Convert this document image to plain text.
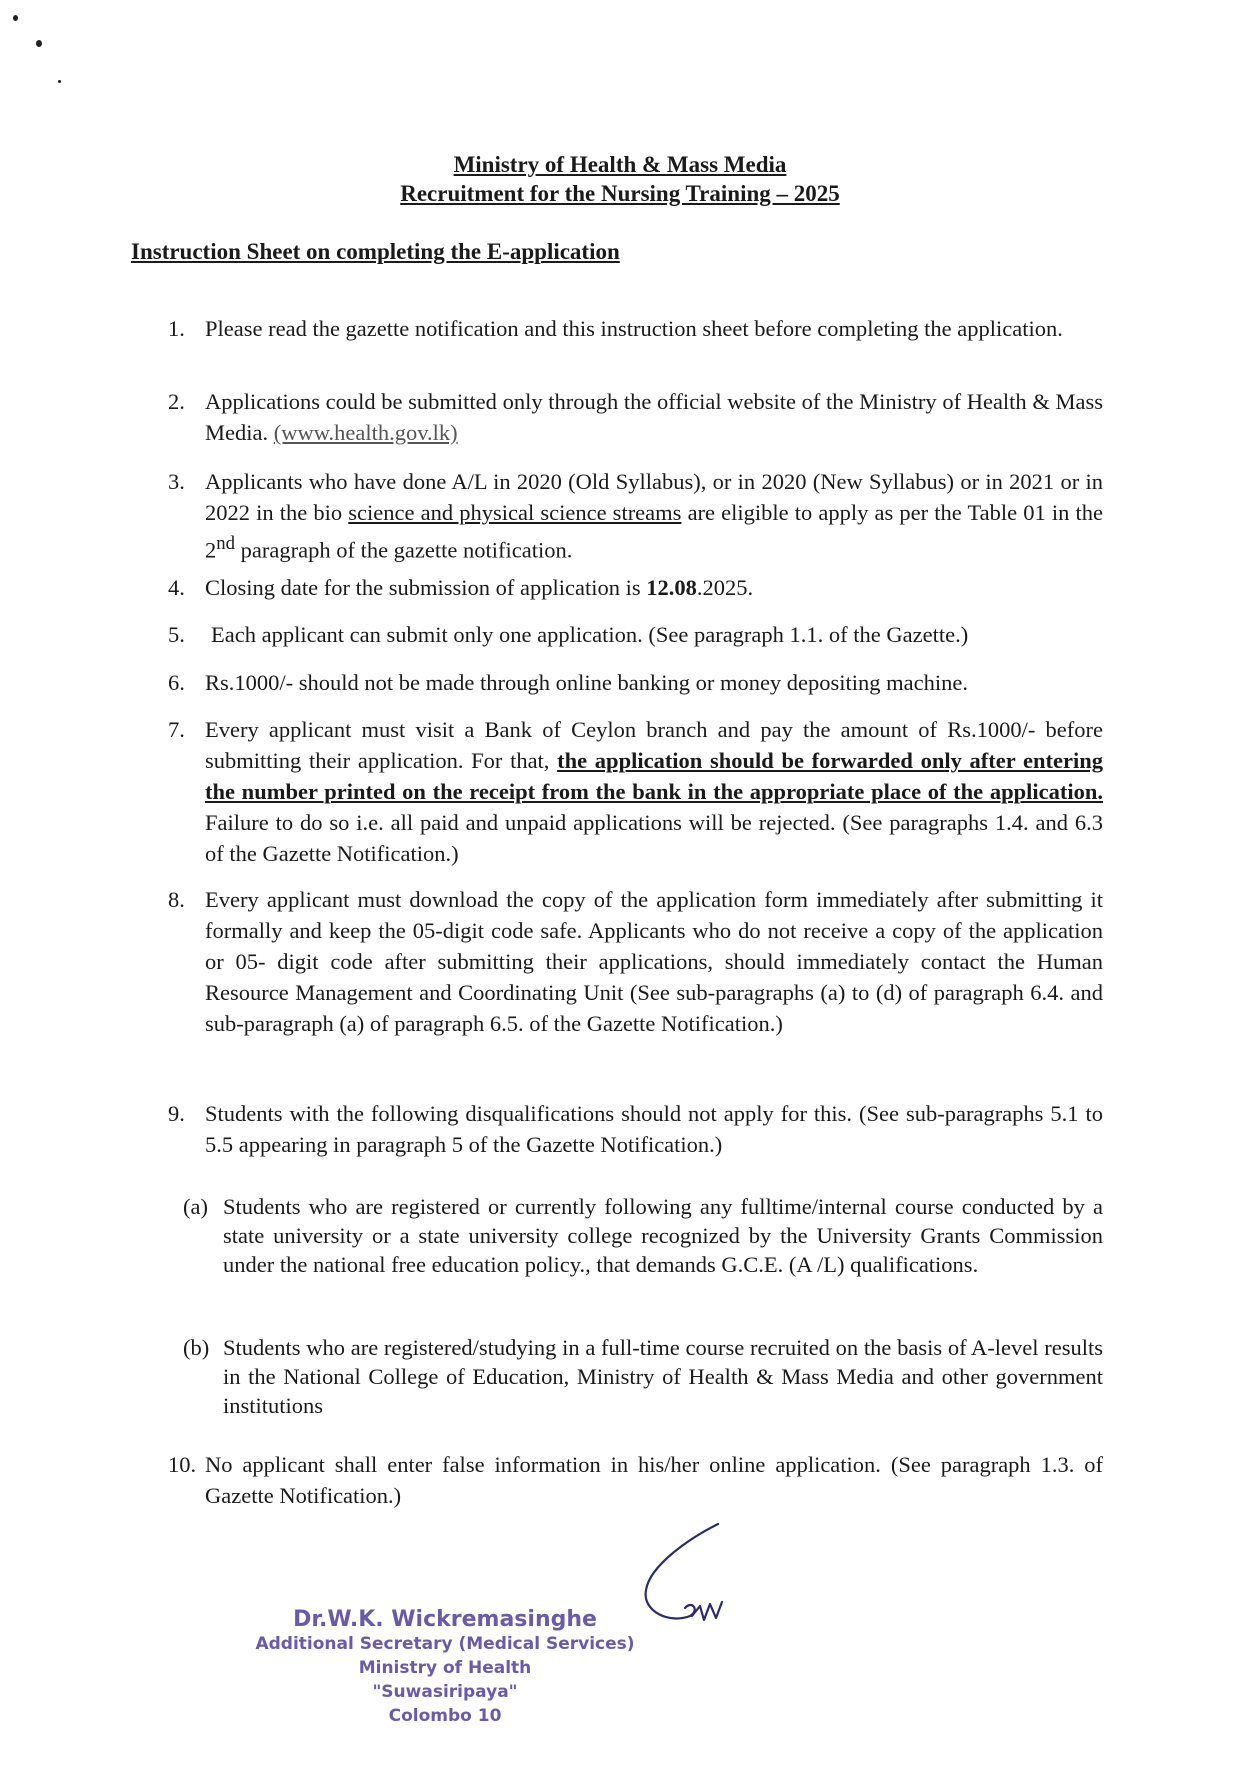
Ministry of Health & Mass Media
Recruitment for the Nursing Training – 2025
Instruction Sheet on completing the E-application
1. Please read the gazette notification and this instruction sheet before completing the application.
2. Applications could be submitted only through the official website of the Ministry of Health & Mass Media. (www.health.gov.lk)
3. Applicants who have done A/L in 2020 (Old Syllabus), or in 2020 (New Syllabus) or in 2021 or in 2022 in the bio science and physical science streams are eligible to apply as per the Table 01 in the 2nd paragraph of the gazette notification.
4. Closing date for the submission of application is 12.08.2025.
5.	Each applicant can submit only one application. (See paragraph 1.1. of the Gazette.)
6. Rs.1000/- should not be made through online banking or money depositing machine.
7. Every applicant must visit a Bank of Ceylon branch and pay the amount of Rs.1000/- before submitting their application. For that, the application should be forwarded only after entering the number printed on the receipt from the bank in the appropriate place of the application. Failure to do so i.e. all paid and unpaid applications will be rejected. (See paragraphs 1.4. and 6.3 of the Gazette Notification.)
8. Every applicant must download the copy of the application form immediately after submitting it formally and keep the 05-digit code safe. Applicants who do not receive a copy of the application or 05- digit code after submitting their applications, should immediately contact the Human Resource Management and Coordinating Unit (See sub-paragraphs (a) to (d) of paragraph 6.4. and sub-paragraph (a) of paragraph 6.5. of the Gazette Notification.)
9. Students with the following disqualifications should not apply for this. (See sub-paragraphs 5.1 to 5.5 appearing in paragraph 5 of the Gazette Notification.)
(a) Students who are registered or currently following any fulltime/internal course conducted by a state university or a state university college recognized by the University Grants Commission under the national free education policy., that demands G.C.E. (A /L) qualifications.
(b) Students who are registered/studying in a full-time course recruited on the basis of A-level results in the National College of Education, Ministry of Health & Mass Media and other government institutions
10. No applicant shall enter false information in his/her online application. (See paragraph 1.3. of Gazette Notification.)
Dr.W.K. Wickremasinghe
Additional Secretary (Medical Services)
Ministry of Health
"Suwasiripaya"
Colombo 10
